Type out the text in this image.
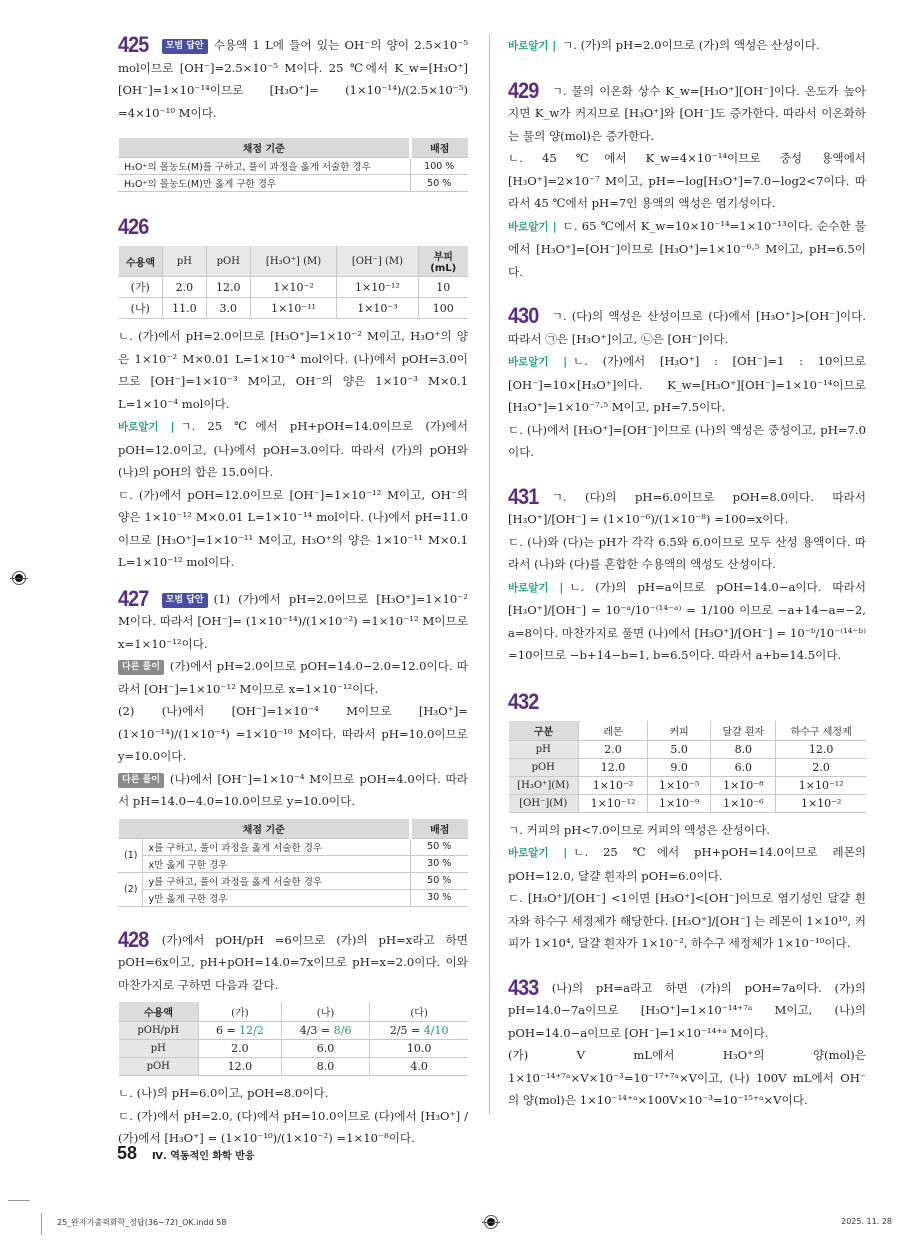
425 모범 답안 수용액 1 L에 들어 있는 OH⁻의 양이 2.5×10⁻⁵ mol이므로 [OH⁻]=2.5×10⁻⁵ M이다. 25 ℃에서 K_w=[H₃O⁺][OH⁻]=1×10⁻¹⁴이므로 [H₃O⁺]= (1×10⁻¹⁴)/(2.5×10⁻⁵) =4×10⁻¹⁰ M이다.
채점 기준	배점
H₃O⁺의 몰농도(M)를 구하고, 풀이 과정을 옳게 서술한 경우	100 %
H₃O⁺의 몰농도(M)만 옳게 구한 경우	50 %
426
수용액	pH	pOH	[H₃O⁺] (M)	[OH⁻] (M)	부피 (mL)
(가)	2.0	12.0	1×10⁻²	1×10⁻¹²	10
(나)	11.0	3.0	1×10⁻¹¹	1×10⁻³	100
ㄴ. (가)에서 pH=2.0이므로 [H₃O⁺]=1×10⁻² M이고, H₃O⁺의 양은 1×10⁻² M×0.01 L=1×10⁻⁴ mol이다. (나)에서 pOH=3.0이므로 [OH⁻]=1×10⁻³ M이고, OH⁻의 양은 1×10⁻³ M×0.1 L=1×10⁻⁴ mol이다.
바로알기 | ㄱ. 25 ℃에서 pH+pOH=14.0이므로 (가)에서 pOH=12.0이고, (나)에서 pOH=3.0이다. 따라서 (가)의 pOH와 (나)의 pOH의 합은 15.0이다.
ㄷ. (가)에서 pOH=12.0이므로 [OH⁻]=1×10⁻¹² M이고, OH⁻의 양은 1×10⁻¹² M×0.01 L=1×10⁻¹⁴ mol이다. (나)에서 pH=11.0이므로 [H₃O⁺]=1×10⁻¹¹ M이고, H₃O⁺의 양은 1×10⁻¹¹ M×0.1 L=1×10⁻¹² mol이다.
427 모범 답안 (1) (가)에서 pH=2.0이므로 [H₃O⁺]=1×10⁻² M이다. 따라서 [OH⁻]= (1×10⁻¹⁴)/(1×10⁻²) =1×10⁻¹² M이므로 x=1×10⁻¹²이다.
다른 풀이 (가)에서 pH=2.0이므로 pOH=14.0−2.0=12.0이다. 따라서 [OH⁻]=1×10⁻¹² M이므로 x=1×10⁻¹²이다.
(2) (나)에서 [OH⁻]=1×10⁻⁴ M이므로 [H₃O⁺]= (1×10⁻¹⁴)/(1×10⁻⁴) =1×10⁻¹⁰ M이다. 따라서 pH=10.0이므로 y=10.0이다.
다른 풀이 (나)에서 [OH⁻]=1×10⁻⁴ M이므로 pOH=4.0이다. 따라서 pH=14.0−4.0=10.0이므로 y=10.0이다.
채점 기준		배점
(1)	x를 구하고, 풀이 과정을 옳게 서술한 경우	50 %
	x만 옳게 구한 경우	30 %
(2)	y를 구하고, 풀이 과정을 옳게 서술한 경우	50 %
	y만 옳게 구한 경우	30 %
428 (가)에서 pOH/pH =6이므로 (가)의 pH=x라고 하면 pOH=6x이고, pH+pOH=14.0=7x이므로 pH=x=2.0이다. 이와 마찬가지로 구하면 다음과 같다.
수용액	(가)	(나)	(다)
pOH/pH	6 = 12/2	4/3 = 8/6	2/5 = 4/10
pH	2.0	6.0	10.0
pOH	12.0	8.0	4.0
ㄴ. (나)의 pH=6.0이고, pOH=8.0이다.
ㄷ. (가)에서 pH=2.0, (다)에서 pH=10.0이므로 (다)에서 [H₃O⁺] / (가)에서 [H₃O⁺] = (1×10⁻¹⁰)/(1×10⁻²) =1×10⁻⁸이다.
바로알기 | ㄱ. (가)의 pH=2.0이므로 (가)의 액성은 산성이다.
429 ㄱ. 물의 이온화 상수 K_w=[H₃O⁺][OH⁻]이다. 온도가 높아지면 K_w가 커지므로 [H₃O⁺]와 [OH⁻]도 증가한다. 따라서 이온화하는 물의 양(mol)은 증가한다.
ㄴ. 45 ℃에서 K_w=4×10⁻¹⁴이므로 중성 용액에서 [H₃O⁺]=2×10⁻⁷ M이고, pH=−log[H₃O⁺]=7.0−log2<7이다. 따라서 45 ℃에서 pH=7인 용액의 액성은 염기성이다.
바로알기 | ㄷ. 65 ℃에서 K_w=10×10⁻¹⁴=1×10⁻¹³이다. 순수한 물에서 [H₃O⁺]=[OH⁻]이므로 [H₃O⁺]=1×10⁻⁶·⁵ M이고, pH=6.5이다.
430 ㄱ. (다)의 액성은 산성이므로 (다)에서 [H₃O⁺]>[OH⁻]이다. 따라서 ㉠은 [H₃O⁺]이고, ㉡은 [OH⁻]이다.
바로알기 | ㄴ. (가)에서 [H₃O⁺] : [OH⁻]=1 : 10이므로 [OH⁻]=10×[H₃O⁺]이다. K_w=[H₃O⁺][OH⁻]=1×10⁻¹⁴이므로 [H₃O⁺]=1×10⁻⁷·⁵ M이고, pH=7.5이다.
ㄷ. (나)에서 [H₃O⁺]=[OH⁻]이므로 (나)의 액성은 중성이고, pH=7.0이다.
431 ㄱ. (다)의 pH=6.0이므로 pOH=8.0이다. 따라서 [H₃O⁺]/[OH⁻] = (1×10⁻⁶)/(1×10⁻⁸) =100=x이다.
ㄷ. (나)와 (다)는 pH가 각각 6.5와 6.0이므로 모두 산성 용액이다. 따라서 (나)와 (다)를 혼합한 수용액의 액성도 산성이다.
바로알기 | ㄴ. (가)의 pH=a이므로 pOH=14.0−a이다. 따라서 [H₃O⁺]/[OH⁻] = 10⁻ᵃ/10⁻⁽¹⁴⁻ᵃ⁾ = 1/100 이므로 −a+14−a=−2, a=8이다. 마찬가지로 풀면 (나)에서 [H₃O⁺]/[OH⁻] = 10⁻ᵇ/10⁻⁽¹⁴⁻ᵇ⁾ =10이므로 −b+14−b=1, b=6.5이다. 따라서 a+b=14.5이다.
432
구분	레몬	커피	달걀 흰자	하수구 세정제
pH	2.0	5.0	8.0	12.0
pOH	12.0	9.0	6.0	2.0
[H₃O⁺](M)	1×10⁻²	1×10⁻⁵	1×10⁻⁸	1×10⁻¹²
[OH⁻](M)	1×10⁻¹²	1×10⁻⁹	1×10⁻⁶	1×10⁻²
ㄱ. 커피의 pH<7.0이므로 커피의 액성은 산성이다.
바로알기 | ㄴ. 25 ℃에서 pH+pOH=14.0이므로 레몬의 pOH=12.0, 달걀 흰자의 pOH=6.0이다.
ㄷ. [H₃O⁺]/[OH⁻] <1이면 [H₃O⁺]<[OH⁻]이므로 염기성인 달걀 흰자와 하수구 세정제가 해당한다. [H₃O⁺]/[OH⁻] 는 레몬이 1×10¹⁰, 커피가 1×10⁴, 달걀 흰자가 1×10⁻², 하수구 세정제가 1×10⁻¹⁰이다.
433 (나)의 pH=a라고 하면 (가)의 pOH=7a이다. (가)의 pH=14.0−7a이므로 [H₃O⁺]=1×10⁻¹⁴⁺⁷ᵃ M이고, (나)의 pOH=14.0−a이므로 [OH⁻]=1×10⁻¹⁴⁺ᵃ M이다.
(가) V mL에서 H₃O⁺의 양(mol)은 1×10⁻¹⁴⁺⁷ᵃ×V×10⁻³=10⁻¹⁷⁺⁷ᵃ×V이고, (나) 100V mL에서 OH⁻의 양(mol)은 1×10⁻¹⁴⁺ᵃ×100V×10⁻³=10⁻¹⁵⁺ᵃ×V이다.
58 Ⅳ. 역동적인 화학 반응
25_완자기출픽화학_정답(36~72)_OK.indd 58	2025. 11. 28
